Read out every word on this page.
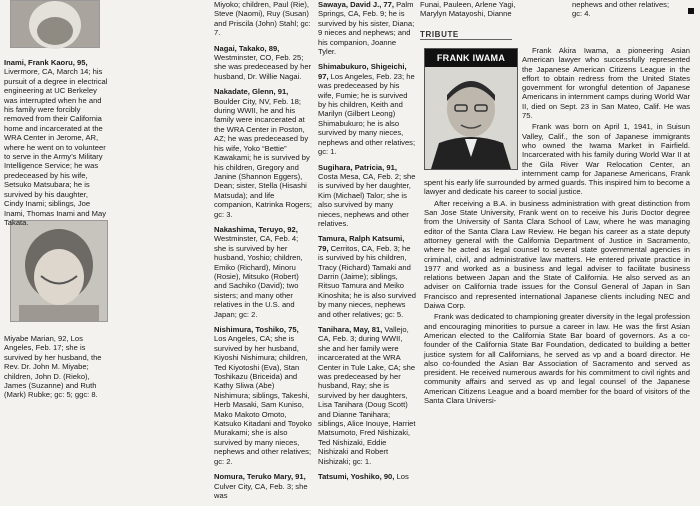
Inami, Frank Kaoru, 95, Livermore, CA, March 14; his pursuit of a degree in electrical engineering at UC Berkeley was interrupted when he and his family were forcibly removed from their California home and incarcerated at the WRA Center in Jerome, AR, where he went on to volunteer to serve in the Army’s Military Intelligence Service; he was predeceased by his wife, Setsuko Matsubara; he is survived by his daughter, Cindy Inami; siblings, Joe Inami, Thomas Inami and May Takata.

Miyabe Marian, 92, Los Angeles, Feb. 17; she is survived by her husband, the Rev. Dr. John M. Miyabe; children, John D. (Rieko), James (Suzanne) and Ruth (Mark) Rubke; gc: 5; ggc: 8.

Miyoko; children, Paul (Rie), Steve (Naomi), Ruy (Susan) and Priscila (John) Stahl; gc: 7.

Nagai, Takako, 89, Westminster, CO, Feb. 25; she was predeceased by her husband, Dr. Willie Nagai.

Nakadate, Glenn, 91, Boulder City, NV, Feb. 18; during WWII, he and his family were incarcerated at the WRA Center in Poston, AZ; he was predeceased by his wife, Yoko “Bettie” Kawakami; he is survived by his children, Gregory and Janine (Shannon Eggers), Dean; sister, Stella (Hisashi Matsuda); and life companion, Katrinka Rogers; gc: 3.

Nakashima, Teruyo, 92, Westminster, CA, Feb. 4; she is survived by her husband, Yoshio; children, Emiko (Richard), Minoru (Rosie), Mitsuko (Robert) and Sachiko (David); two sisters; and many other relatives in the U.S. and Japan; gc: 2.

Nishimura, Toshiko, 75, Los Angeles, CA; she is survived by her husband, Kiyoshi Nishimura; children, Ted Kiyotoshi (Eva), Stan Toshikazu (Briceida) and Kathy Sliwa (Abe) Nishimura; siblings, Takeshi, Herb Masaki, Sam Kuniso, Mako Makoto Omoto, Katsuko Kitadani and Toyoko Murakami; she is also survived by many nieces, nephews and other relatives; gc: 2.

Nomura, Teruko Mary, 91, Culver City, CA, Feb. 3; she was

Sawaya, David J., 77, Palm Springs, CA, Feb. 9; he is survived by his sister, Diana; 9 nieces and nephews; and his companion, Joanne Tyler.

Shimabukuro, Shigeichi, 97, Los Angeles, Feb. 23; he was predeceased by his wife, Fumie; he is survived by his children, Keith and Marilyn (Gilbert Leong) Shimabukuro; he is also survived by many nieces, nephews and other relatives; gc: 1.

Sugihara, Patricia, 91, Costa Mesa, CA, Feb. 2; she is survived by her daughter, Kim (Michael) Talor; she is also survived by many nieces, nephews and other relatives.

Tamura, Ralph Katsumi, 79, Cerritos, CA, Feb. 3; he is survived by his children, Tracy (Richard) Tamaki and Darrin (Jaime); siblings, Ritsuo Tamura and Meiko Kinoshita; he is also survived by many nieces, nephews and other relatives; gc: 5.

Tanihara, May, 81, Vallejo, CA, Feb. 3; during WWII, she and her family were incarcerated at the WRA Center in Tule Lake, CA; she was predeceased by her husband, Ray; she is survived by her daughters, Lisa Tanihara (Doug Scott) and Dianne Tanihara; siblings, Alice Inouye, Harriet Matsumoto, Fred Nishizaki, Ted Nishizaki, Eddie Nishizaki and Robert Nishizaki; gc: 1.

Tatsumi, Yoshiko, 90, Los

Funai, Pauleen, Arlene Yagi, Marylyn Matayoshi, Dianne
nephews and other relatives; gc: 4.
TRIBUTE

Frank Akira Iwama, a pioneering Asian American lawyer who successfully represented the Japanese American Citizens League in the effort to obtain redress from the United States government for wrongful detention of Japanese Americans in internment camps during World War II, died on Sept. 23 in San Mateo, Calif. He was 75.

Frank was born on April 1, 1941, in Suisun Valley, Calif., the son of Japanese immigrants who owned the Iwama Market in Fairfield. Incarcerated with his family during World War II at the Gila River War Relocation Center, an internment camp for Japanese Americans, Frank spent his early life surrounded by armed guards. This inspired him to become a lawyer and dedicate his career to social justice.

After receiving a B.A. in business administration with great distinction from San Jose State University, Frank went on to receive his Juris Doctor degree from the University of Santa Clara School of Law, where he was managing editor of the Santa Clara Law Review. He began his career as a state deputy attorney general with the California Department of Justice in Sacramento, where he acted as legal counsel to several state governmental agencies in criminal, civil, and administrative law matters. He entered private practice in 1977 and worked as a business and legal adviser to facilitate business relations between Japan and the State of California. He also served as an adviser on California trade issues for the Consul General of Japan in San Francisco and represented international Japanese clients including NEC and Daiwa Corp.

Frank was dedicated to championing greater diversity in the legal profession and encouraging minorities to pursue a career in law. He was the first Asian American elected to the California State Bar board of governors. As a co-founder of the California State Bar Foundation, dedicated to building a better justice system for all Californians, he served as vp and a board director. He also co-founded the Asian Bar Association of Sacramento and served as president. He received numerous awards for his commitment to civil rights and community affairs and served as vp and legal counsel of the Japanese American Citizens League and a board member for the board of visitors of the Santa Clara Universi-

FRANK IWAMA
